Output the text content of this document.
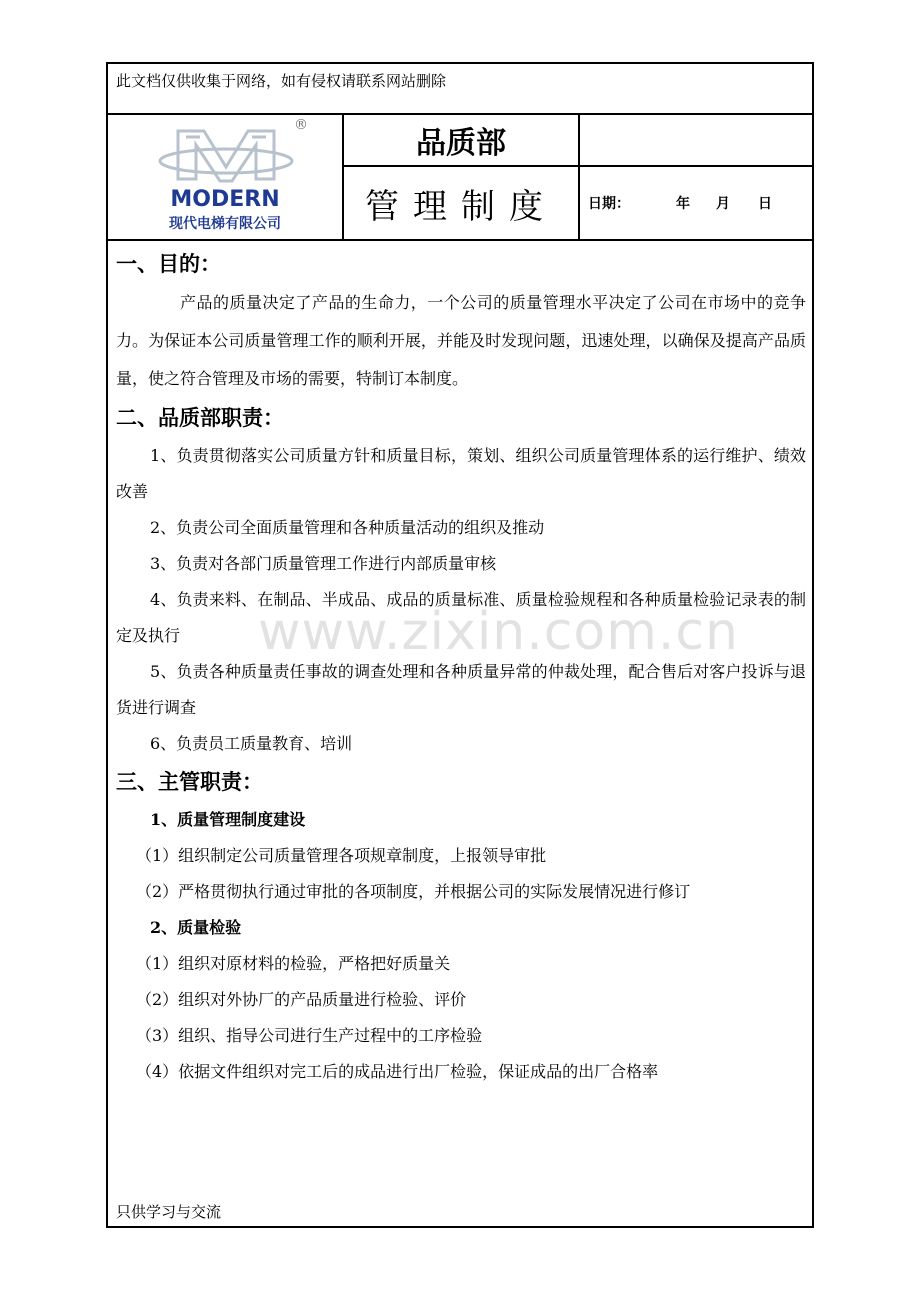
此文档仅供收集于网络，如有侵权请联系网站删除
®
MODERN
现代电梯有限公司
品质部
管理制度	日期：	年 月 日
一、目的：

产品的质量决定了产品的生命力，一个公司的质量管理水平决定了公司在市场中的竞争力。为保证本公司质量管理工作的顺利开展，并能及时发现问题，迅速处理，以确保及提高产品质量，使之符合管理及市场的需要，特制订本制度。

二、品质部职责：

1、负责贯彻落实公司质量方针和质量目标，策划、组织公司质量管理体系的运行维护、绩效改善

2、负责公司全面质量管理和各种质量活动的组织及推动

3、负责对各部门质量管理工作进行内部质量审核

4、负责来料、在制品、半成品、成品的质量标准、质量检验规程和各种质量检验记录表的制定及执行

5、负责各种质量责任事故的调查处理和各种质量异常的仲裁处理，配合售后对客户投诉与退货进行调查

6、负责员工质量教育、培训

三、主管职责：
1、质量管理制度建设
（1）组织制定公司质量管理各项规章制度，上报领导审批
（2）严格贯彻执行通过审批的各项制度，并根据公司的实际发展情况进行修订
2、质量检验
（1）组织对原材料的检验，严格把好质量关
（2）组织对外协厂的产品质量进行检验、评价
（3）组织、指导公司进行生产过程中的工序检验
（4）依据文件组织对完工后的成品进行出厂检验，保证成品的出厂合格率
只供学习与交流
www.zixin.com.cn
